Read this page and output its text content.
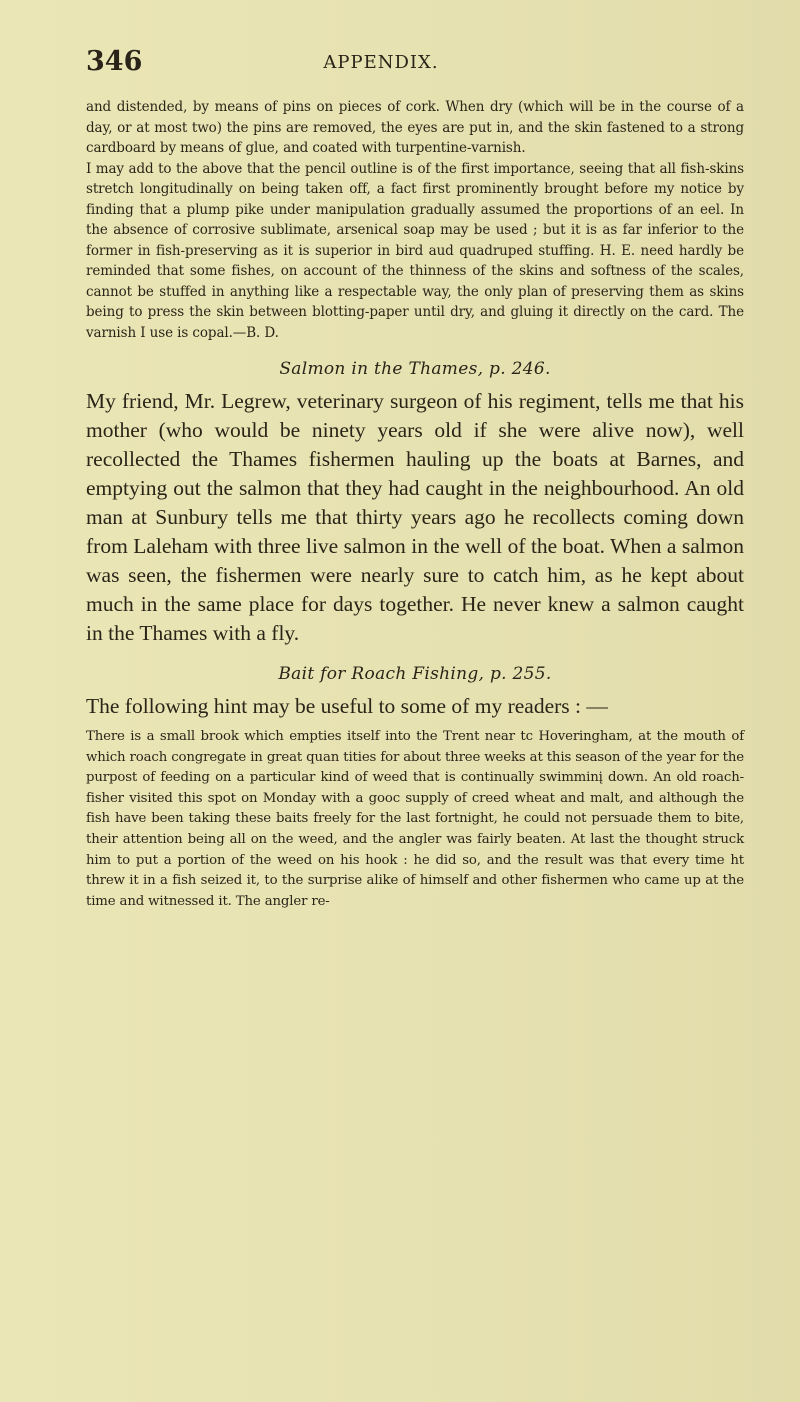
346	APPENDIX.

and distended, by means of pins on pieces of cork. When dry (which will be in the course of a day, or at most two) the pins are removed, the eyes are put in, and the skin fastened to a strong cardboard by means of glue, and coated with turpentine-varnish.

I may add to the above that the pencil outline is of the first importance, seeing that all fish-skins stretch longitudinally on being taken off, a fact first prominently brought before my notice by finding that a plump pike under manipulation gradually assumed the proportions of an eel. In the absence of corrosive sublimate, arsenical soap may be used ; but it is as far inferior to the former in fish-preserving as it is superior in bird aud quadruped stuffing. H. E. need hardly be reminded that some fishes, on account of the thinness of the skins and softness of the scales, cannot be stuffed in anything like a respectable way, the only plan of preserving them as skins being to press the skin between blotting-paper until dry, and gluing it directly on the card. The varnish I use is copal.—B. D.

Salmon in the Thames, p. 246.

My friend, Mr. Legrew, veterinary surgeon of his regiment, tells me that his mother (who would be ninety years old if she were alive now), well recollected the Thames fishermen hauling up the boats at Barnes, and emptying out the salmon that they had caught in the neighbourhood. An old man at Sunbury tells me that thirty years ago he recollects coming down from Laleham with three live salmon in the well of the boat. When a salmon was seen, the fishermen were nearly sure to catch him, as he kept about much in the same place for days together. He never knew a salmon caught in the Thames with a fly.

Bait for Roach Fishing, p. 255.

The following hint may be useful to some of my readers : —

There is a small brook which empties itself into the Trent near tc Hoveringham, at the mouth of which roach congregate in great quan tities for about three weeks at this season of the year for the purpost of feeding on a particular kind of weed that is continually swimminį down. An old roach-fisher visited this spot on Monday with a gooc supply of creed wheat and malt, and although the fish have been taking these baits freely for the last fortnight, he could not persuade them to bite, their attention being all on the weed, and the angler was fairly beaten. At last the thought struck him to put a portion of the weed on his hook : he did so, and the result was that every time ht threw it in a fish seized it, to the surprise alike of himself and other fishermen who came up at the time and witnessed it. The angler re-
